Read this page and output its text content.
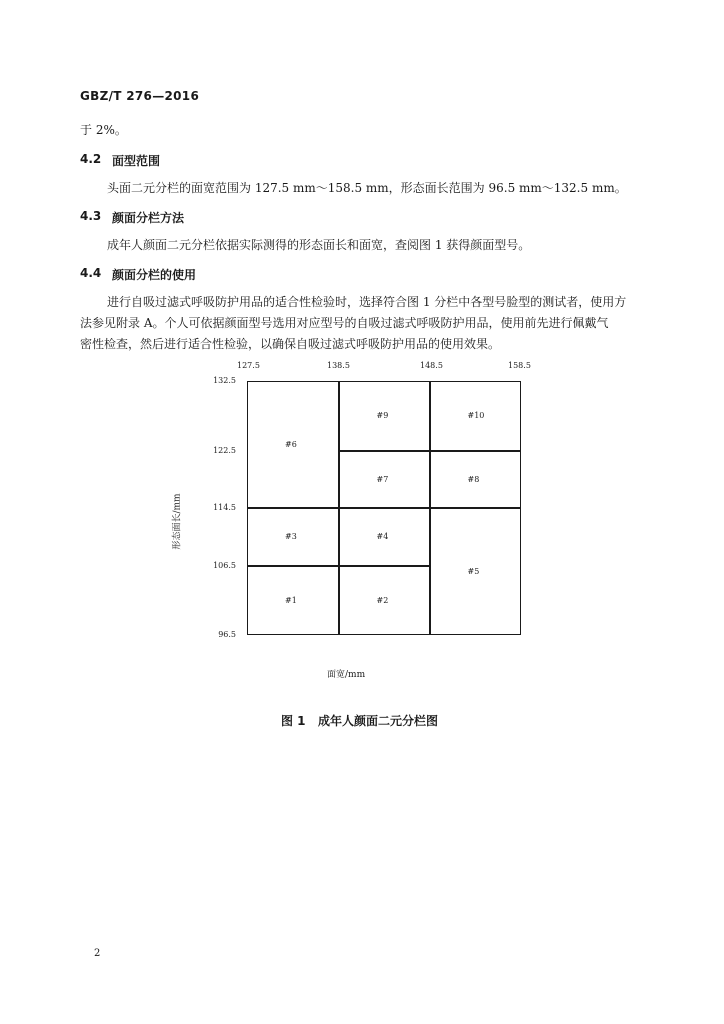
GBZ/T 276—2016
于 2%。
4.2 面型范围
头面二元分栏的面宽范围为 127.5 mm～158.5 mm，形态面长范围为 96.5 mm～132.5 mm。
4.3 颜面分栏方法
成年人颜面二元分栏依据实际测得的形态面长和面宽，查阅图 1 获得颜面型号。
4.4 颜面分栏的使用
进行自吸过滤式呼吸防护用品的适合性检验时，选择符合图 1 分栏中各型号脸型的测试者，使用方
法参见附录 A。个人可依据颜面型号选用对应型号的自吸过滤式呼吸防护用品，使用前先进行佩戴气
密性检查，然后进行适合性检验，以确保自吸过滤式呼吸防护用品的使用效果。
127.5	138.5	148.5	158.5
132.5
122.5
114.5
106.5
96.5
#1	#2
#3	#4
#5
#6
#7	#8
#9	#10
面宽/mm
形态面长/mm
图 1 成年人颜面二元分栏图
2
